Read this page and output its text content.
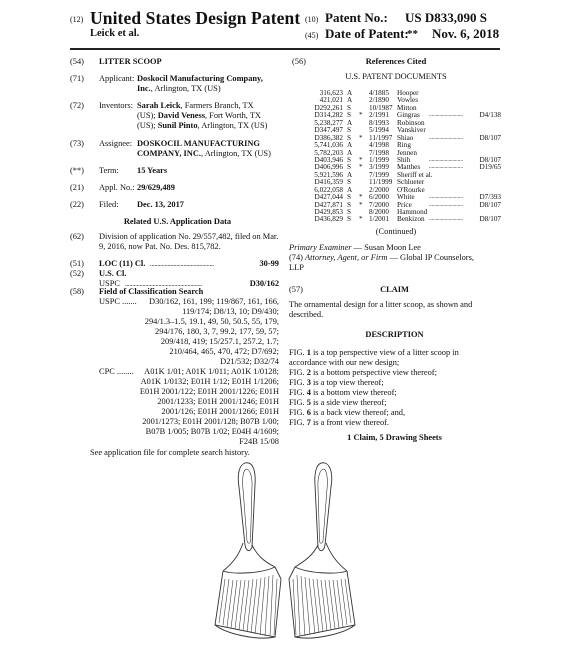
(12) United States Design Patent (10) Patent No.: US D833,090 S
Leick et al.	(45) Date of Patent:
** Nov. 6, 2018
(54)	LITTER SCOOP
(71)	Applicant: Doskocil Manufacturing Company,
Inc., Arlington, TX (US)
(72)	Inventors: Sarah Leick, Farmers Branch, TX
(US); David Veness, Fort Worth, TX
(US); Sunil Pinto, Arlington, TX (US)
(73)	Assignee: DOSKOCIL MANUFACTURING
COMPANY, INC., Arlington, TX (US)
(**)	Term: 15 Years
(21)	Appl. No.: 29/629,489
(22)	Filed: Dec. 13, 2017
Related U.S. Application Data
(62)	Division of application No. 29/557,482, filed on Mar.
9, 2016, now Pat. No. Des. 815,782.
(51)	LOC (11) Cl. ............................................	30-99
(52)	U.S. Cl.
USPC .....................................................	D30/162
(58)	Field of Classification Search
USPC .......	D30/162, 161, 199; 119/867, 161, 166,
119/174; D8/13, 10; D9/430;
294/1.3–1.5, 19.1, 49, 50, 50.5, 55, 179,
294/176, 180, 3, 7, 99.2, 177, 59, 57;
209/418, 419; 15/257.1, 257.2, 1.7;
210/464, 465, 470, 472; D7/692;
D21/532; D32/74
CPC ........	A01K 1/01; A01K 1/011; A01K 1/0128;
A01K 1/0132; E01H 1/12; E01H 1/1206;
E01H 2001/122; E01H 2001/1226; E01H
2001/1233; E01H 2001/1246; E01H
2001/126; E01H 2001/1266; E01H
2001/1273; E01H 2001/128; B07B 1/00;
B07B 1/005; B07B 1/02; E04H 4/1609;
F24B 15/08
See application file for complete search history.
(56)	References Cited
U.S. PATENT DOCUMENTS
316,623 A 4/1885 Hooper
421,021 A 2/1890 Vowles
D292,261 S	10/1987 Mitton
D314,282 S * 2/1991 Gingras	D4/138
..........................
5,238,277 A 8/1993 Robinson
D347,497 S	5/1994 Vanskiver
D386,382 S * 11/1997 Shiao	D8/107
..........................
5,741,036 A 4/1998 Ring
5,782,203 A 7/1998 Jennen
D403,946 S * 1/1999 Shih	D8/107
..........................
D406,996 S * 3/1999 Matthes	D19/65
..........................
5,921,596 A 7/1999 Sheriff et al.
D416,359 S	11/1999 Schlueter
6,022,058 A 2/2000 O'Rourke
D427,044 S * 6/2000 White	D7/393
..........................
D427,871 S * 7/2000 Price	D8/107
..........................
D429,853 S	8/2000 Hammond
D436,829 S * 1/2001 Benkizon	D8/107
..........................
(Continued)
Primary Examiner — Susan Moon Lee
(74) Attorney, Agent, or Firm — Global IP Counselors,
LLP
(57)	CLAIM
The ornamental design for a litter scoop, as shown and
described.
DESCRIPTION
FIG. 1 is a top perspective view of a litter scoop in
accordance with our new design;
FIG. 2 is a bottom perspective view thereof;
FIG. 3 is a top view thereof;
FIG. 4 is a bottom view thereof;
FIG. 5 is a side view thereof;
FIG. 6 is a back view thereof; and,
FIG. 7 is a front view thereof.
1 Claim, 5 Drawing Sheets
